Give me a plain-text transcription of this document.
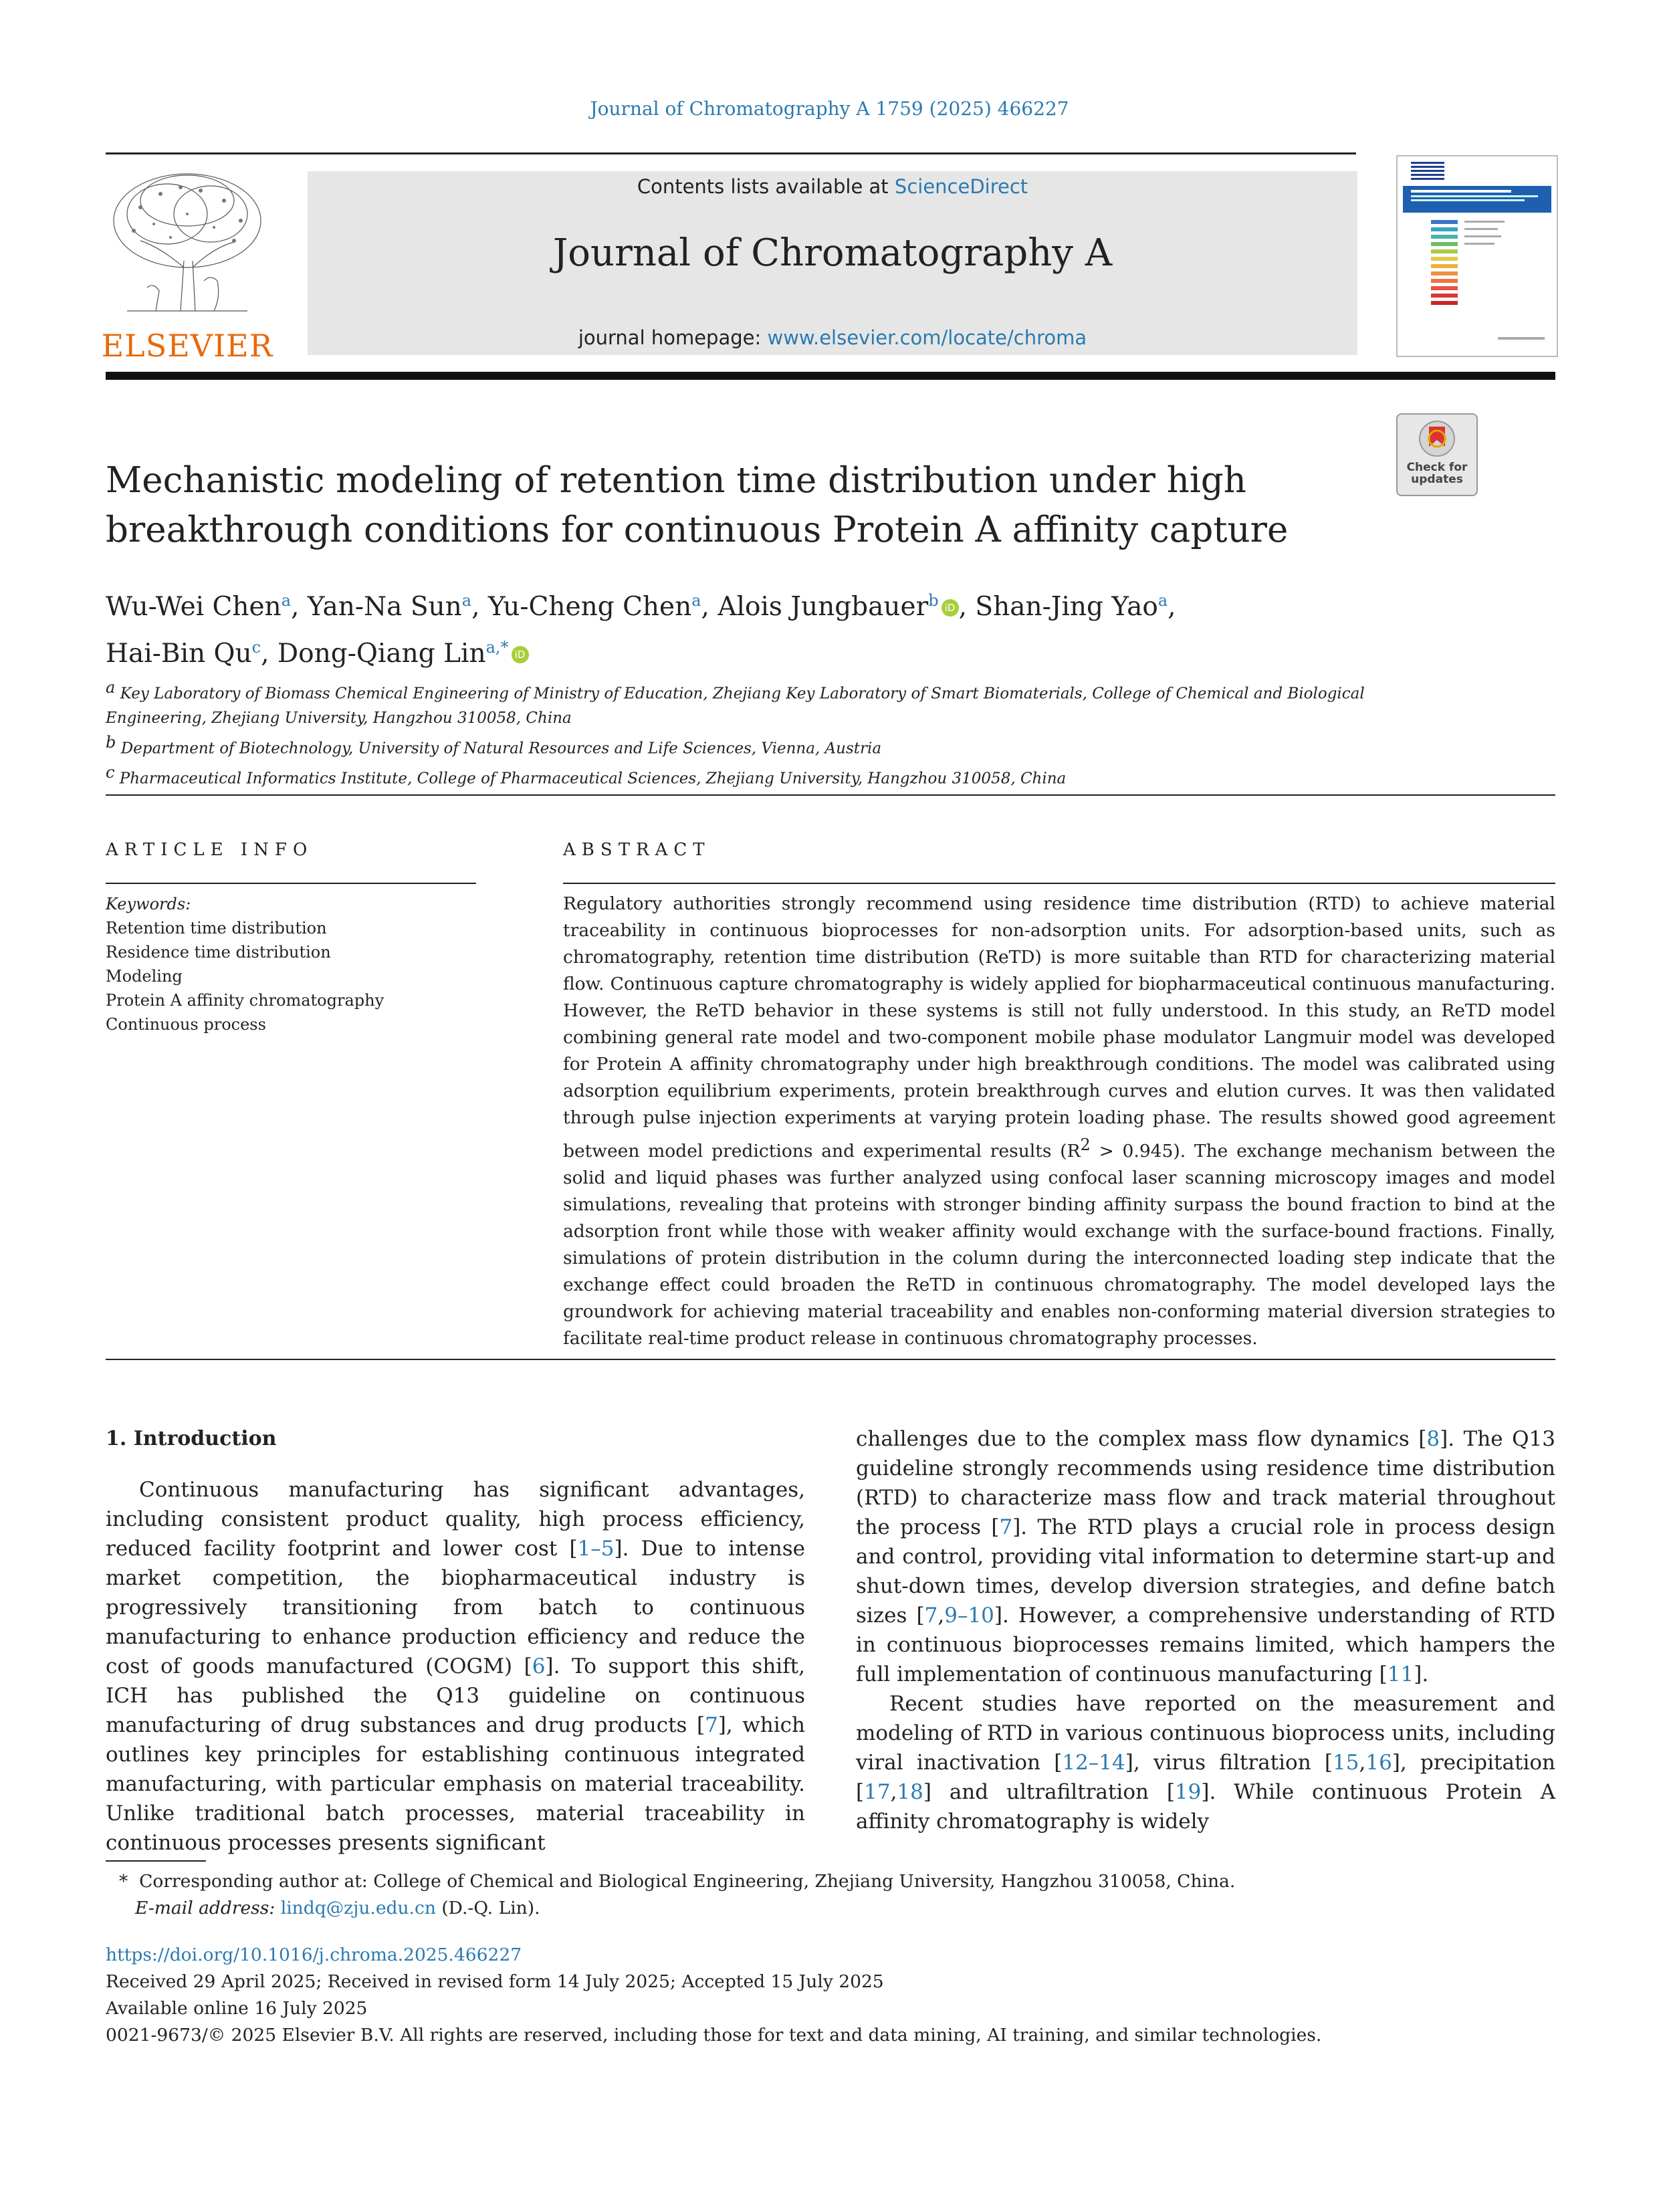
Journal of Chromatography A 1759 (2025) 466227
ELSEVIER
Contents lists available at ScienceDirect
Journal of Chromatography A
journal homepage: www.elsevier.com/locate/chroma
Check for updates
Mechanistic modeling of retention time distribution under high breakthrough conditions for continuous Protein A affinity capture
Wu-Wei Chen$^a$, Yan-Na Sun$^a$, Yu-Cheng Chen$^a$, Alois Jungbauer$^b$ iD , Shan-Jing Yao$^a$,
Hai-Bin Qu$^c$, Dong-Qiang Lin$^{a,*}$ iD
$^a$ Key Laboratory of Biomass Chemical Engineering of Ministry of Education, Zhejiang Key Laboratory of Smart Biomaterials, College of Chemical and Biological Engineering, Zhejiang University, Hangzhou 310058, China
$^b$ Department of Biotechnology, University of Natural Resources and Life Sciences, Vienna, Austria
$^c$ Pharmaceutical Informatics Institute, College of Pharmaceutical Sciences, Zhejiang University, Hangzhou 310058, China
ARTICLE INFO
Keywords:
Retention time distribution
Residence time distribution
Modeling
Protein A affinity chromatography
Continuous process
ABSTRACT
Regulatory authorities strongly recommend using residence time distribution (RTD) to achieve material traceability in continuous bioprocesses for non-adsorption units. For adsorption-based units, such as chromatography, retention time distribution (ReTD) is more suitable than RTD for characterizing material flow. Continuous capture chromatography is widely applied for biopharmaceutical continuous manufacturing. However, the ReTD behavior in these systems is still not fully understood. In this study, an ReTD model combining general rate model and two-component mobile phase modulator Langmuir model was developed for Protein A affinity chromatography under high breakthrough conditions. The model was calibrated using adsorption equilibrium experiments, protein breakthrough curves and elution curves. It was then validated through pulse injection experiments at varying protein loading phase. The results showed good agreement between model predictions and experimental results $(R^2 > 0.945)$. The exchange mechanism between the solid and liquid phases was further analyzed using confocal laser scanning microscopy images and model simulations, revealing that proteins with stronger binding affinity surpass the bound fraction to bind at the adsorption front while those with weaker affinity would exchange with the surface-bound fractions. Finally, simulations of protein distribution in the column during the interconnected loading step indicate that the exchange effect could broaden the ReTD in continuous chromatography. The model developed lays the groundwork for achieving material traceability and enables non-conforming material diversion strategies to facilitate real-time product release in continuous chromatography processes.
1. Introduction

Continuous manufacturing has significant advantages, including consistent product quality, high process efficiency, reduced facility footprint and lower cost [1–5]. Due to intense market competition, the biopharmaceutical industry is progressively transitioning from batch to continuous manufacturing to enhance production efficiency and reduce the cost of goods manufactured (COGM) [6]. To support this shift, ICH has published the Q13 guideline on continuous manufacturing of drug substances and drug products [7], which outlines key principles for establishing continuous integrated manufacturing, with particular emphasis on material traceability. Unlike traditional batch processes, material traceability in continuous processes presents significant

challenges due to the complex mass flow dynamics [8]. The Q13 guideline strongly recommends using residence time distribution (RTD) to characterize mass flow and track material throughout the process [7]. The RTD plays a crucial role in process design and control, providing vital information to determine start-up and shut-down times, develop diversion strategies, and define batch sizes [7,9–10]. However, a comprehensive understanding of RTD in continuous bioprocesses remains limited, which hampers the full implementation of continuous manufacturing [11].

Recent studies have reported on the measurement and modeling of RTD in various continuous bioprocess units, including viral inactivation [12–14], virus filtration [15,16], precipitation [17,18] and ultrafiltration [19]. While continuous Protein A affinity chromatography is widely

*  Corresponding author at: College of Chemical and Biological Engineering, Zhejiang University, Hangzhou 310058, China.
E-mail address: lindq@zju.edu.cn (D.-Q. Lin).
https://doi.org/10.1016/j.chroma.2025.466227
Received 29 April 2025; Received in revised form 14 July 2025; Accepted 15 July 2025
Available online 16 July 2025
0021-9673/© 2025 Elsevier B.V. All rights are reserved, including those for text and data mining, AI training, and similar technologies.
